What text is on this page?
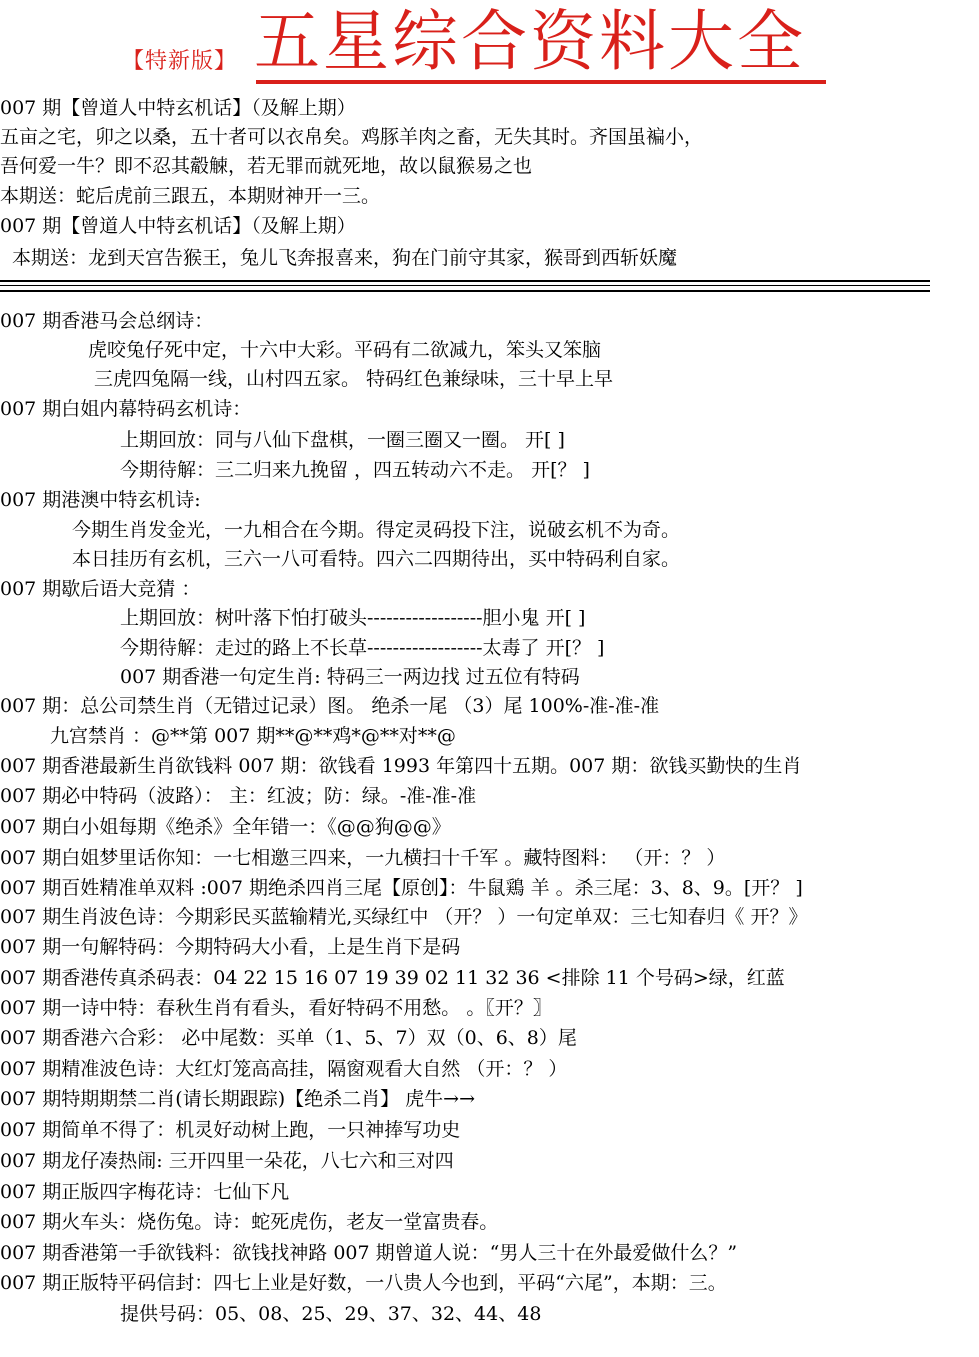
【特新版】 五星综合资料大全
007 期【曾道人中特玄机话】（及解上期）
五亩之宅，卯之以桑，五十者可以衣帛矣。鸡豚羊肉之畜，无失其时。齐国虽褊小，
吾何爱一牛？即不忍其觳觫，若无罪而就死地，故以鼠猴易之也
本期送：蛇后虎前三跟五，本期财神开一三。
007 期【曾道人中特玄机话】（及解上期）
本期送：龙到天宫告猴王，兔儿飞奔报喜来，狗在门前守其家，猴哥到西斩妖魔
007 期香港马会总纲诗：
虎咬兔仔死中定，十六中大彩。平码有二欲减九，笨头又笨脑
三虎四兔隔一线，山村四五家。 特码红色兼绿味，三十早上早
007 期白姐内幕特码玄机诗：
上期回放：同与八仙下盘棋，一圈三圈又一圈。 开[ ]
今期待解：三二归来九挽留 ，四五转动六不走。 开[？ ]
007 期港澳中特玄机诗:
今期生肖发金光，一九相合在今期。得定灵码投下注，说破玄机不为奇。
本日挂历有玄机，三六一八可看特。四六二四期待出，买中特码利自家。
007 期歇后语大竞猜 ：
上期回放：树叶落下怕打破头------------------胆小鬼 开[ ]
今期待解：走过的路上不长草------------------太毒了 开[？ ]
007 期香港一句定生肖: 特码三一两边找 过五位有特码
007 期：总公司禁生肖（无错过记录）图。 绝杀一尾 （3）尾 100%-准-准-准
九宫禁肖 ：@**第 007 期**@**鸡*@**对**@
007 期香港最新生肖欲钱料 007 期：欲钱看 1993 年第四十五期。007 期：欲钱买勤快的生肖
007 期必中特码（波路）： 主：红波；防：绿。-准-准-准
007 期白小姐每期《绝杀》全年错一：《@@狗@@》
007 期白姐梦里话你知：一七相邀三四来，一九横扫十千军 。藏特图料： （开：？ ）
007 期百姓精准单双料 :007 期绝杀四肖三尾【原创】：牛鼠鶏 羊 。杀三尾：3、8、9。[开？ ]
007 期生肖波色诗：今期彩民买蓝输精光,买绿红中 （开？ ）一句定单双：三七知春归《 开？》
007 期一句解特码：今期特码大小看，上是生肖下是码
007 期香港传真杀码表：04 22 15 16 07 19 39 02 11 32 36 <排除 11 个号码>绿，红蓝
007 期一诗中特：春秋生肖有看头，看好特码不用愁。 。〖开？〗
007 期香港六合彩： 必中尾数：买单（1、5、7）双（0、6、8）尾
007 期精准波色诗：大红灯笼高高挂，隔窗观看大自然 （开：？ ）
007 期特期期禁二肖(请长期跟踪)【绝杀二肖】 虎牛→→
007 期简单不得了：机灵好动树上跑，一只神捧写功史
007 期龙仔凑热闹: 三开四里一朵花，八七六和三对四
007 期正版四字梅花诗：七仙下凡
007 期火车头：烧伤兔。诗：蛇死虎伤，老友一堂富贵春。
007 期香港第一手欲钱料：欲钱找神路 007 期曾道人说：“男人三十在外最爱做什么？”
007 期正版特平码信封：四七上业是好数，一八贵人今也到，平码“六尾”，本期：三。
提供号码：05、08、25、29、37、32、44、48
